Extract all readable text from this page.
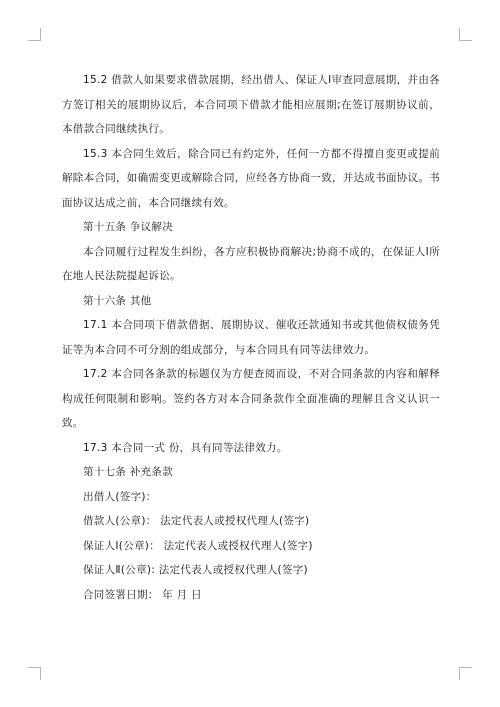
15.2 借款人如果要求借款展期，经出借人、保证人Ⅰ审查同意展期，并由各方签订相关的展期协议后，本合同项下借款才能相应展期;在签订展期协议前，本借款合同继续执行。

15.3 本合同生效后，除合同已有约定外，任何一方都不得擅自变更或提前解除本合同，如确需变更或解除合同，应经各方协商一致，并达成书面协议。书面协议达成之前，本合同继续有效。

第十五条 争议解决

本合同履行过程发生纠纷，各方应积极协商解决;协商不成的，在保证人Ⅰ所在地人民法院提起诉讼。

第十六条 其他

17.1 本合同项下借款借据、展期协议、催收还款通知书或其他债权债务凭证等为本合同不可分割的组成部分，与本合同具有同等法律效力。

17.2 本合同各条款的标题仅为方便查阅而设，不对合同条款的内容和解释构成任何限制和影响。签约各方对本合同条款作全面准确的理解且含义认识一致。

17.3 本合同一式 份，具有同等法律效力。

第十七条 补充条款

出借人(签字)：

借款人(公章)： 法定代表人或授权代理人(签字)

保证人Ⅰ(公章)： 法定代表人或授权代理人(签字)

保证人Ⅱ(公章): 法定代表人或授权代理人(签字)

合同签署日期： 年 月 日
